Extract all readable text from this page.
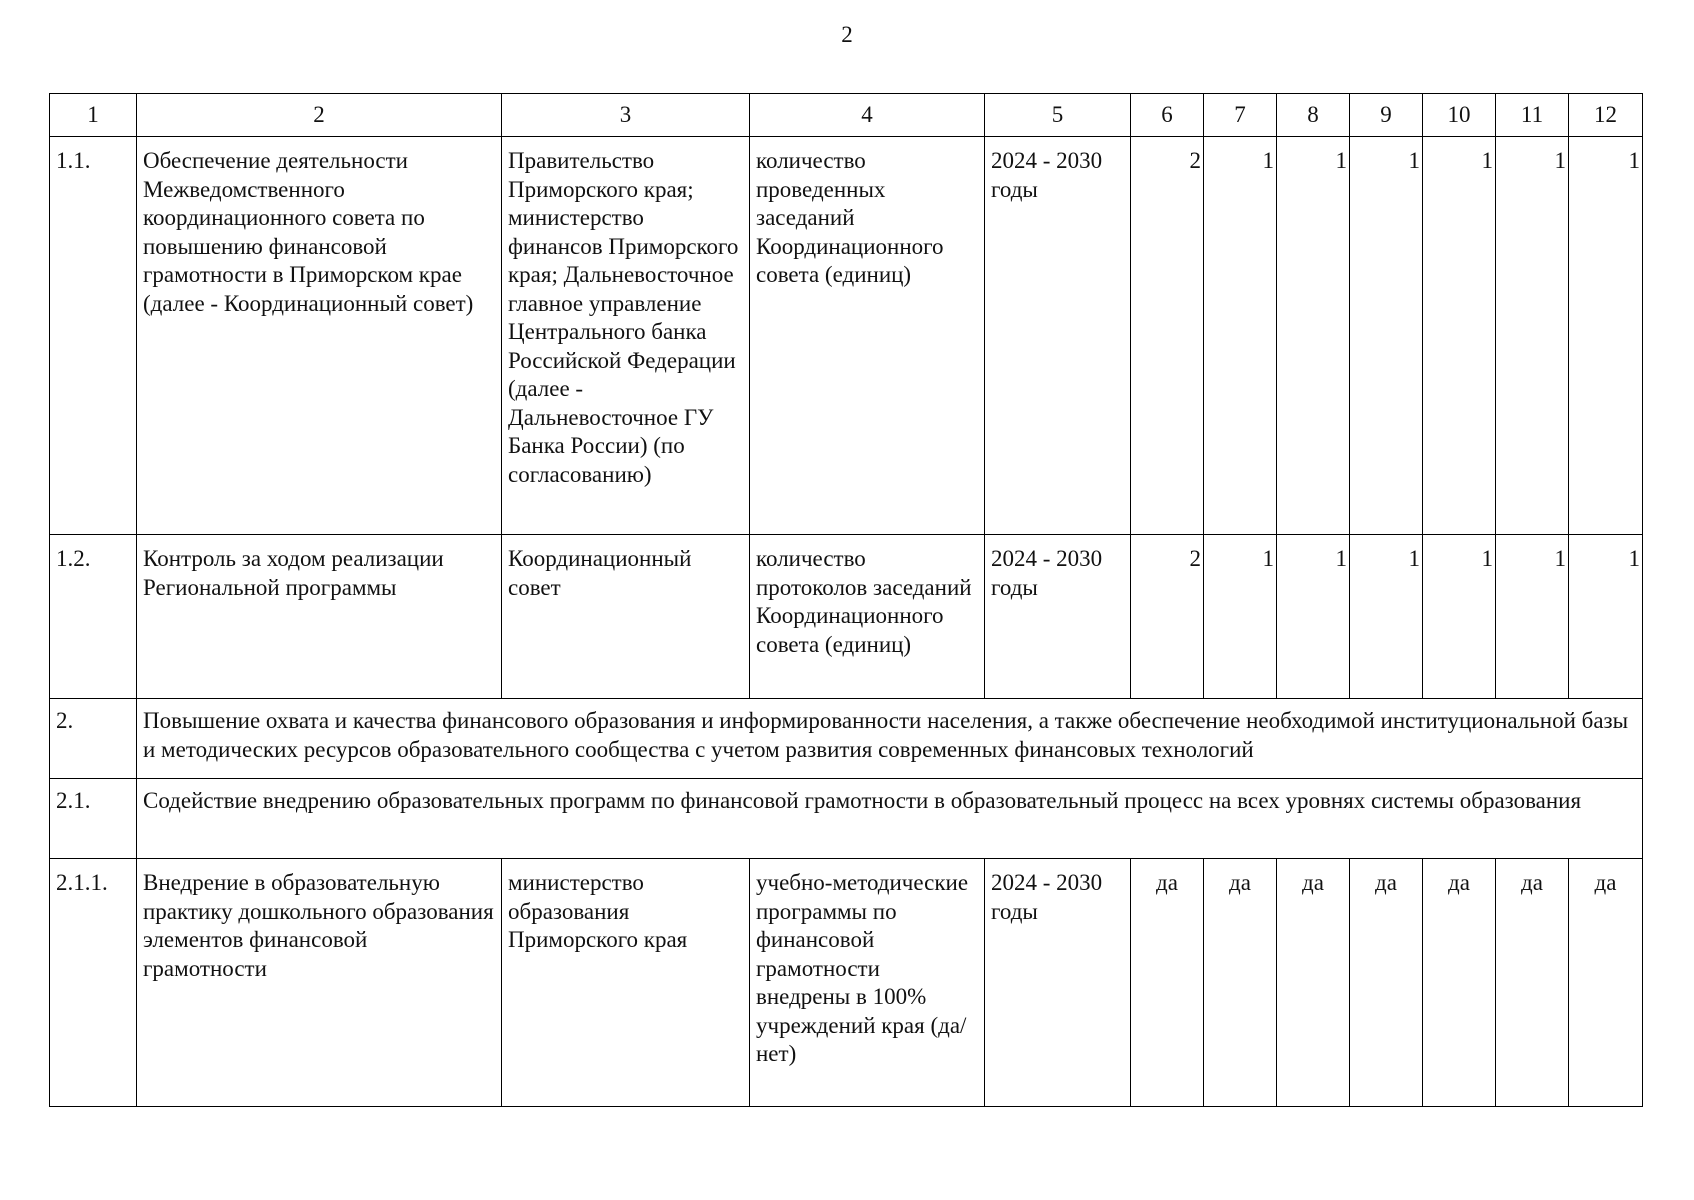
2
1	2	3	4	5	6	7	8	9	10	11	12
1.1.	Обеспечение деятельности Межведомственного координационного совета по повышению финансовой грамотности в Приморском крае (далее - Координационный совет)	Правительство Приморского края; министерство финансов Приморского края; Дальневосточное главное управление Центрального банка Российской Федерации (далее - Дальневосточное ГУ Банка России) (по согласованию)	количество проведенных заседаний Координационного совета (единиц)	2024 - 2030 годы	2	1	1	1	1	1	1
1.2.	Контроль за ходом реализации Региональной программы	Координационный совет	количество протоколов заседаний Координационного совета (единиц)	2024 - 2030 годы	2	1	1	1	1	1	1
2.	Повышение охвата и качества финансового образования и информированности населения, а также обеспечение необходимой институциональной базы и методических ресурсов образовательного сообщества с учетом развития современных финансовых технологий										
2.1.	Содействие внедрению образовательных программ по финансовой грамотности в образовательный процесс на всех уровнях системы образования										
2.1.1.	Внедрение в образовательную практику дошкольного образования элементов финансовой грамотности	министерство образования Приморского края	учебно-методические программы по финансовой грамотности внедрены в 100% учреждений края (да/нет)	2024 - 2030 годы	да	да	да	да	да	да	да
